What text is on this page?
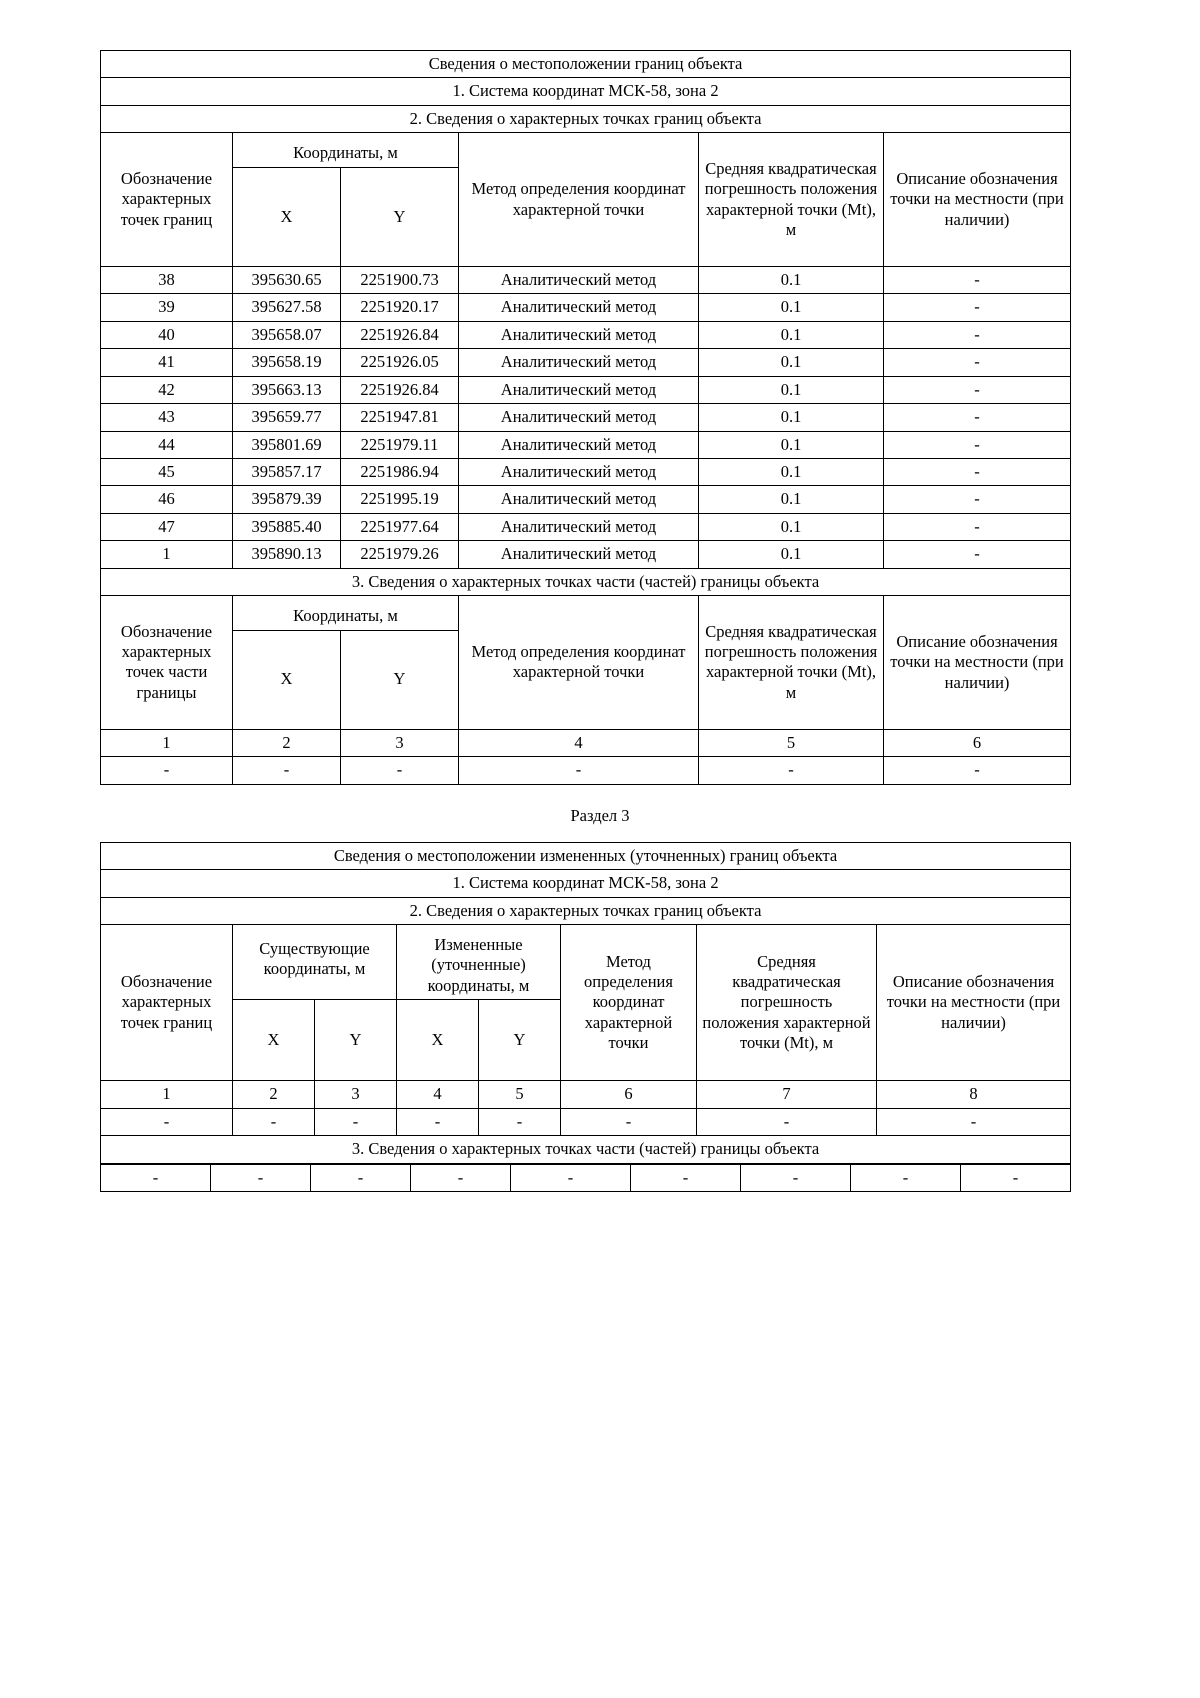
Сведения о местоположении границ объекта					
1. Система координат МСК-58, зона 2					
2. Сведения о характерных точках границ объекта					
Обозначение характерных точек границ	Координаты, м		Метод определения координат характерной точки	Средняя квадратическая погрешность положения характерной точки (Mt), м	Описание обозначения точки на местности (при наличии)
	X	Y			
38	395630.65	2251900.73	Аналитический метод	0.1	-
39	395627.58	2251920.17	Аналитический метод	0.1	-
40	395658.07	2251926.84	Аналитический метод	0.1	-
41	395658.19	2251926.05	Аналитический метод	0.1	-
42	395663.13	2251926.84	Аналитический метод	0.1	-
43	395659.77	2251947.81	Аналитический метод	0.1	-
44	395801.69	2251979.11	Аналитический метод	0.1	-
45	395857.17	2251986.94	Аналитический метод	0.1	-
46	395879.39	2251995.19	Аналитический метод	0.1	-
47	395885.40	2251977.64	Аналитический метод	0.1	-
1	395890.13	2251979.26	Аналитический метод	0.1	-
3. Сведения о характерных точках части (частей) границы объекта					
Обозначение характерных точек части границы	Координаты, м		Метод определения координат характерной точки	Средняя квадратическая погрешность положения характерной точки (Mt), м	Описание обозначения точки на местности (при наличии)
	X	Y			
1	2	3	4	5	6
-	-	-	-	-	-
Раздел 3
Сведения о местоположении измененных (уточненных) границ объекта							
1. Система координат МСК-58, зона 2							
2. Сведения о характерных точках границ объекта							
Обозначение характерных точек границ	Существующие координаты, м		Измененные (уточненные) координаты, м		Метод определения координат характерной точки	Средняя квадратическая погрешность положения характерной точки (Mt), м	Описание обозначения точки на местности (при наличии)
	X	Y	X	Y			
1	2	3	4	5	6	7	8
-	-	-	-	-	-	-	-
3. Сведения о характерных точках части (частей) границы объекта							
-	-	-	-	-	-	-	-	-
